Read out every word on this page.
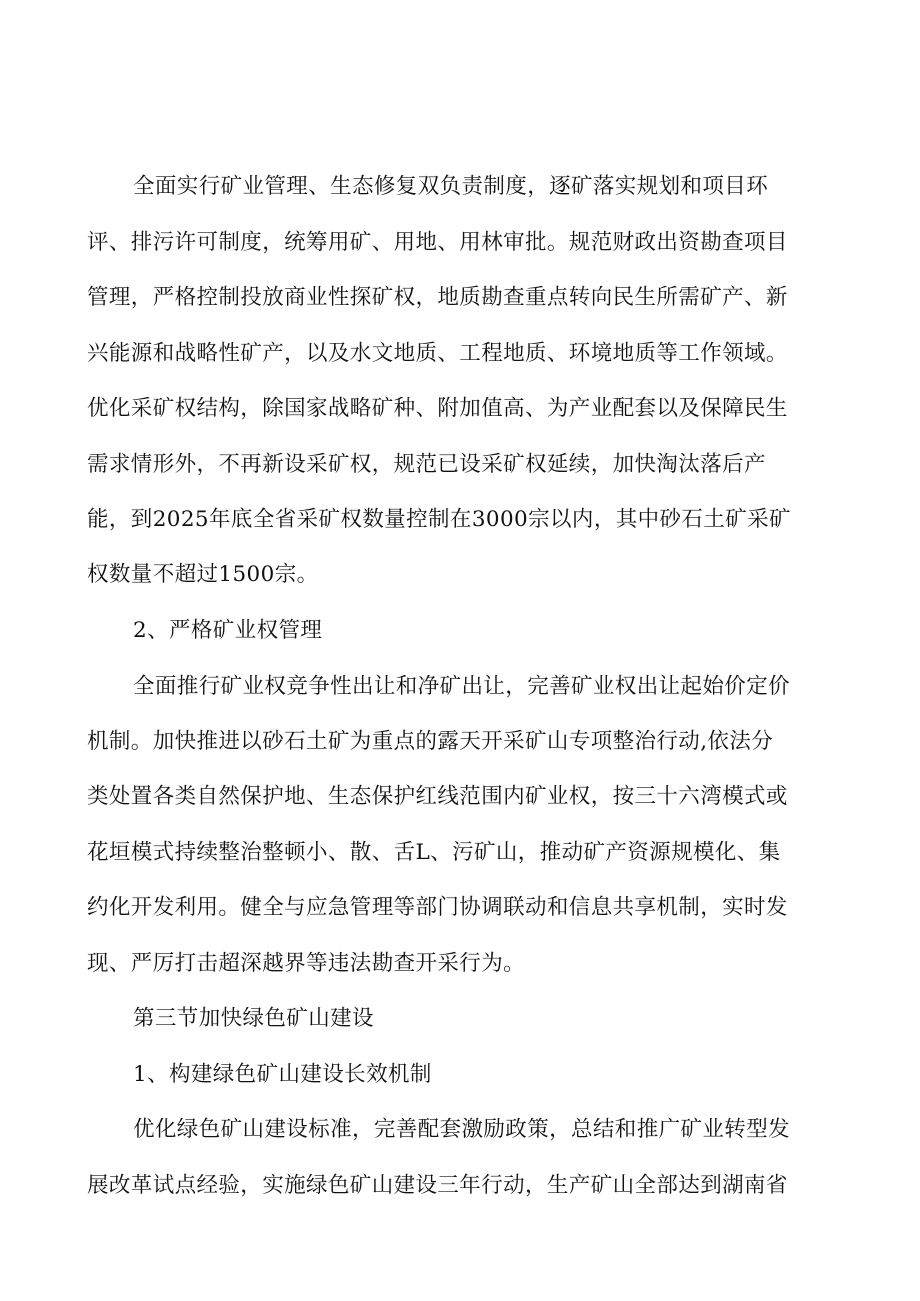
全面实行矿业管理、生态修复双负责制度，逐矿落实规划和项目环
评、排污许可制度，统筹用矿、用地、用林审批。规范财政出资勘查项目
管理，严格控制投放商业性探矿权，地质勘查重点转向民生所需矿产、新
兴能源和战略性矿产，以及水文地质、工程地质、环境地质等工作领域。
优化采矿权结构，除国家战略矿种、附加值高、为产业配套以及保障民生
需求情形外，不再新设采矿权，规范已设采矿权延续，加快淘汰落后产
能，到2025年底全省采矿权数量控制在3000宗以内，其中砂石土矿采矿
权数量不超过1500宗。
2、严格矿业权管理
全面推行矿业权竞争性出让和净矿出让，完善矿业权出让起始价定价
机制。加快推进以砂石土矿为重点的露天开采矿山专项整治行动,依法分
类处置各类自然保护地、生态保护红线范围内矿业权，按三十六湾模式或
花垣模式持续整治整顿小、散、舌L、污矿山，推动矿产资源规模化、集
约化开发利用。健全与应急管理等部门协调联动和信息共享机制，实时发
现、严厉打击超深越界等违法勘查开采行为。
第三节加快绿色矿山建设
1、构建绿色矿山建设长效机制
优化绿色矿山建设标准，完善配套激励政策，总结和推广矿业转型发
展改革试点经验，实施绿色矿山建设三年行动，生产矿山全部达到湖南省
